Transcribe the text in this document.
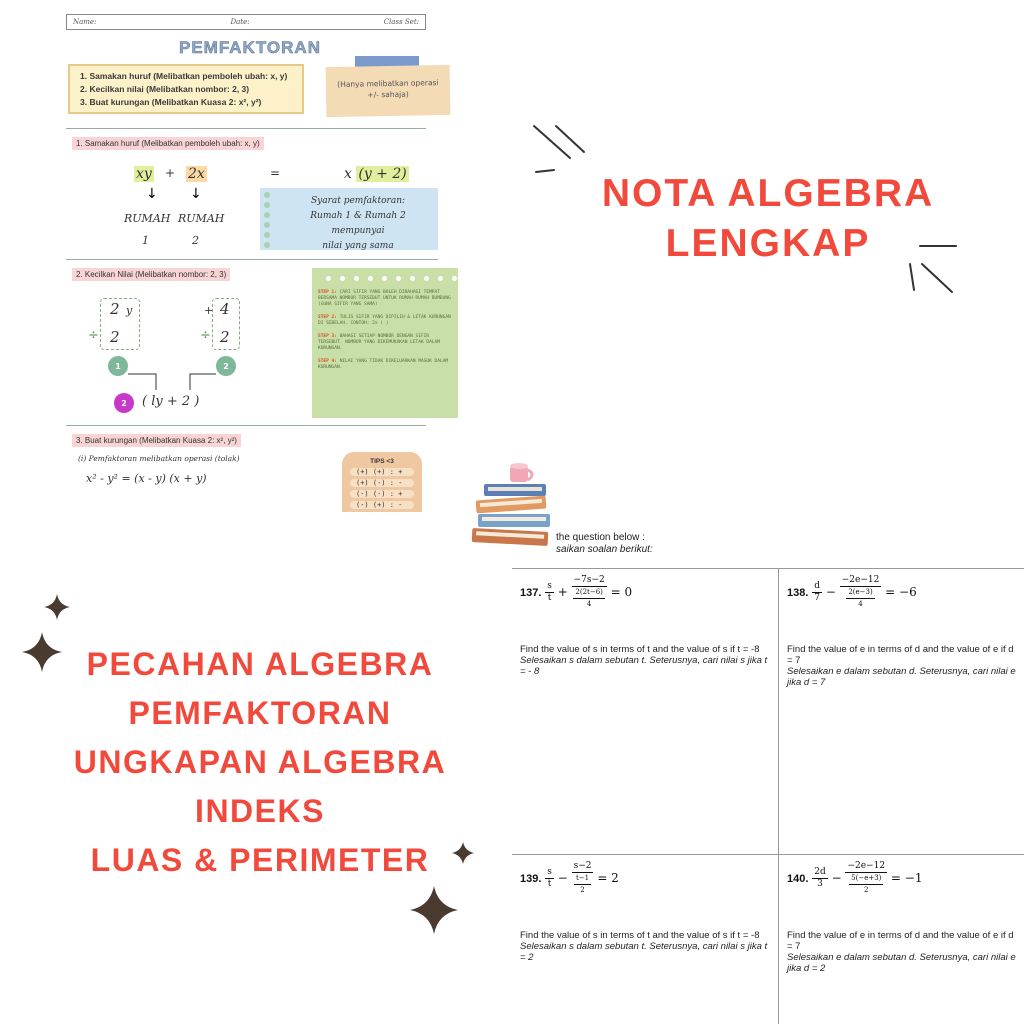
Name:	Date:	Class Set:
PEMFAKTORAN
1. Samakan huruf (Melibatkan pemboleh ubah: x, y)
2. Kecilkan nilai (Melibatkan nombor: 2, 3)
3. Buat kurungan (Melibatkan Kuasa 2: x², y²)
(Hanya melibatkan operasi +/- sahaja)
1. Samakan huruf (Melibatkan pemboleh ubah: x, y)
xy + 2x	=	x (y + 2)
↓ ↓
RUMAH RUMAH
1	2
Syarat pemfaktoran:
Rumah 1 & Rumah 2 mempunyai
nilai yang sama
2. Kecilkan Nilai (Melibatkan nombor: 2, 3)
2 y
÷ 2
+ 4
÷ 2
1	2
2	( ly + 2 )
STEP 1: CARI SIFIR YANG BOLEH DIBAHAGI TEMPAT BERSAMA NOMBOR TERSEBUT UNTUK RUMAH-RUMAH BUMBUNG (GUNA SIFIR YANG SAMA)
STEP 2: TULIS SIFIR YANG DIPILIH & LETAK KURUNGAN DI SEBELAH. CONTOH: 2x ( )
STEP 3: BAHAGI SETIAP NOMBOR DENGAN SIFIR TERSEBUT. NOMBOR YANG DIKEMUKAKAN LETAK DALAM KURUNGAN.
STEP 4: NILAI YANG TIDAK DIKELUARKAN MASUK DALAM KURUNGAN.
3. Buat kurungan (Melibatkan Kuasa 2: x², y²)
(i) Pemfaktoran melibatkan operasi (tolak)
x² - y² = (x - y) (x + y)
TIPS <3
(+) (+) : +
(+) (-) : -
(-) (-) : +
(-) (+) : -
NOTA ALGEBRA
LENGKAP
tips & trick
PECAHAN ALGEBRA
PEMFAKTORAN
UNGKAPAN ALGEBRA
INDEKS
LUAS & PERIMETER
the question below :
saikan soalan berikut:
137. $\frac{s}{t} + \frac{-7s-2}{\frac{2(2t-6)}{4}} = 0$
Find the value of s in terms of t and the value of s if t = -8
Selesaikan s dalam sebutan t. Seterusnya, cari nilai s jika t = - 8
138. $\frac{d}{7} - \frac{-2e-12}{\frac{2(e-3)}{4}} = -6$
Find the value of e in terms of d and the value of e if d = 7
Selesaikan e dalam sebutan d. Seterusnya, cari nilai e jika d = 7
139. $\frac{s}{t} - \frac{s-2}{\frac{t-1}{2}} = 2$
Find the value of s in terms of t and the value of s if t = -8
Selesaikan s dalam sebutan t. Seterusnya, cari nilai s jika t = 2
140. $\frac{2d}{3} - \frac{-2e-12}{\frac{5(-e+3)}{2}} = -1$
Find the value of e in terms of d and the value of e if d = 7
Selesaikan e dalam sebutan d. Seterusnya, cari nilai e jika d = 2
